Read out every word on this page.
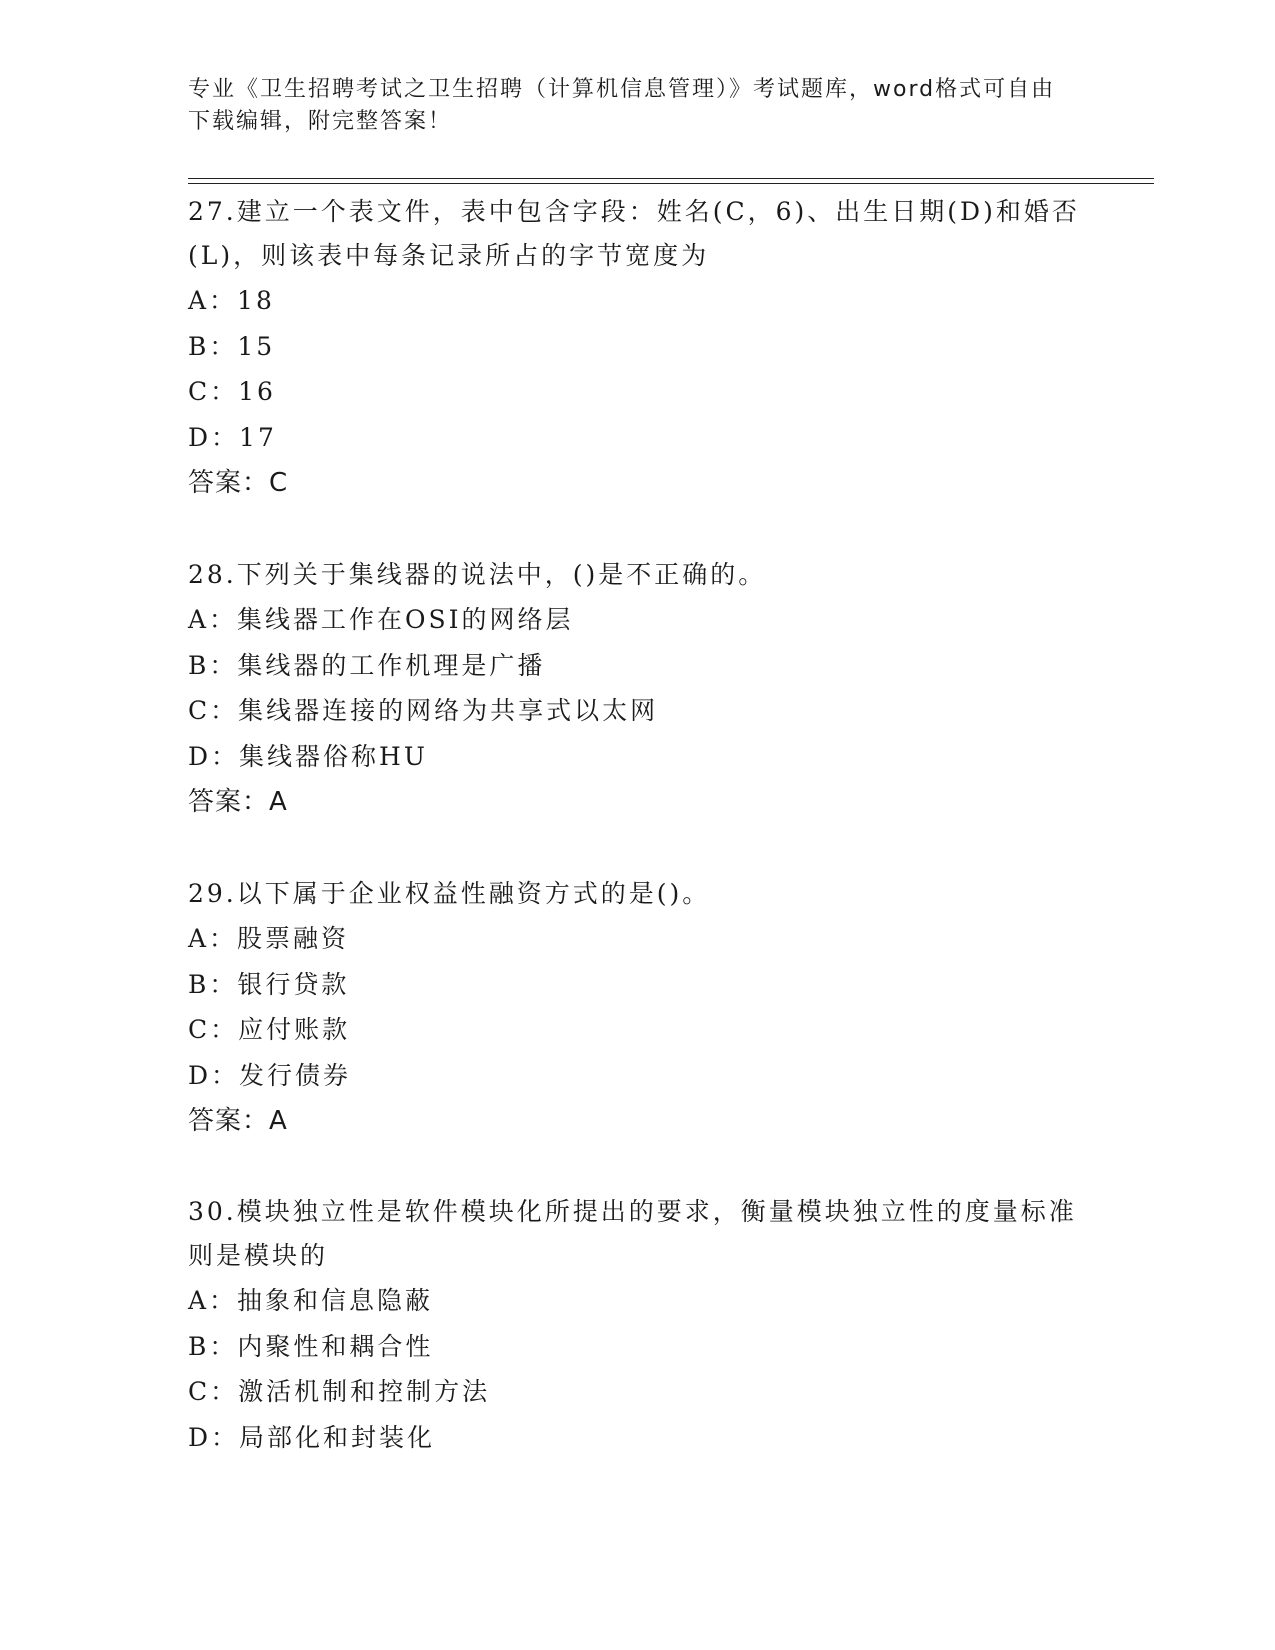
专业《卫生招聘考试之卫生招聘（计算机信息管理）》考试题库，word格式可自由下载编辑，附完整答案！

27.建立一个表文件，表中包含字段：姓名(C，6)、出生日期(D)和婚否(L)，则该表中每条记录所占的字节宽度为

A：18

B：15

C：16

D：17

答案：C

28.下列关于集线器的说法中，()是不正确的。

A：集线器工作在OSI的网络层

B：集线器的工作机理是广播

C：集线器连接的网络为共享式以太网

D：集线器俗称HU

答案：A

29.以下属于企业权益性融资方式的是()。

A：股票融资

B：银行贷款

C：应付账款

D：发行债券

答案：A

30.模块独立性是软件模块化所提出的要求，衡量模块独立性的度量标准则是模块的

A：抽象和信息隐蔽

B：内聚性和耦合性

C：激活机制和控制方法

D：局部化和封装化
